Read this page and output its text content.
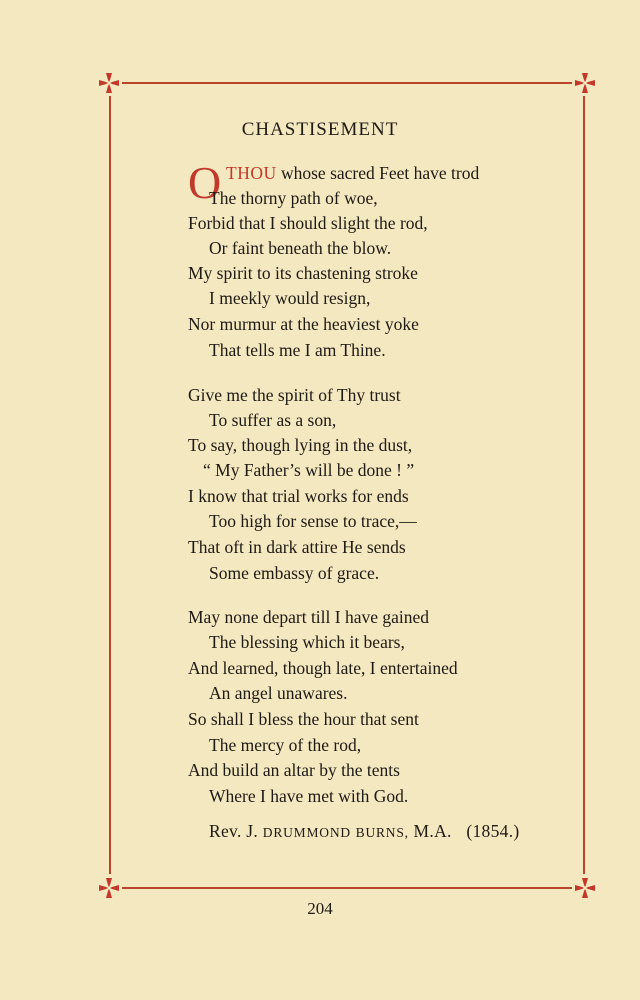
CHASTISEMENT
O THOU whose sacred Feet have trod
The thorny path of woe,
Forbid that I should slight the rod,
Or faint beneath the blow.
My spirit to its chastening stroke
I meekly would resign,
Nor murmur at the heaviest yoke
That tells me I am Thine.
Give me the spirit of Thy trust
To suffer as a son,
To say, though lying in the dust,
“ My Father’s will be done ! ”
I know that trial works for ends
Too high for sense to trace,—
That oft in dark attire He sends
Some embassy of grace.
May none depart till I have gained
The blessing which it bears,
And learned, though late, I entertained
An angel unawares.
So shall I bless the hour that sent
The mercy of the rod,
And build an altar by the tents
Where I have met with God.
Rev. J. DRUMMOND BURNS, M.A. (1854.)
204
